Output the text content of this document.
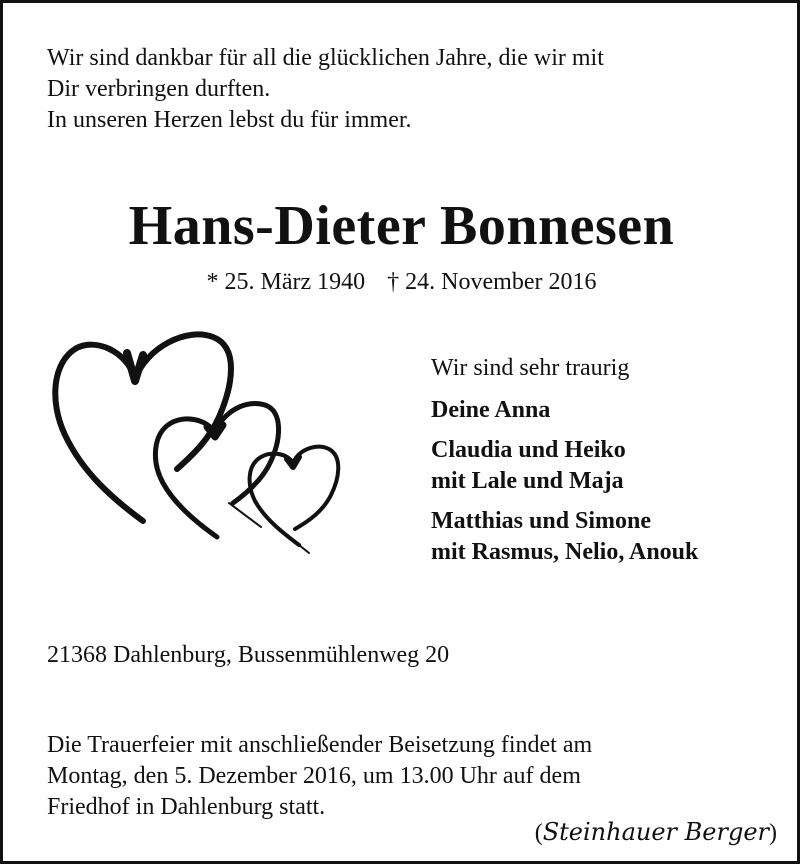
Wir sind dankbar für all die glücklichen Jahre, die wir mit
Dir verbringen durften.
In unseren Herzen lebst du für immer.
Hans-Dieter Bonnesen
* 25. März 1940 † 24. November 2016
Wir sind sehr traurig
Deine Anna
Claudia und Heiko
mit Lale und Maja
Matthias und Simone
mit Rasmus, Nelio, Anouk
21368 Dahlenburg, Bussenmühlenweg 20
Die Trauerfeier mit anschließender Beisetzung findet am
Montag, den 5. Dezember 2016, um 13.00 Uhr auf dem
Friedhof in Dahlenburg statt.
(Steinhauer Berger)
